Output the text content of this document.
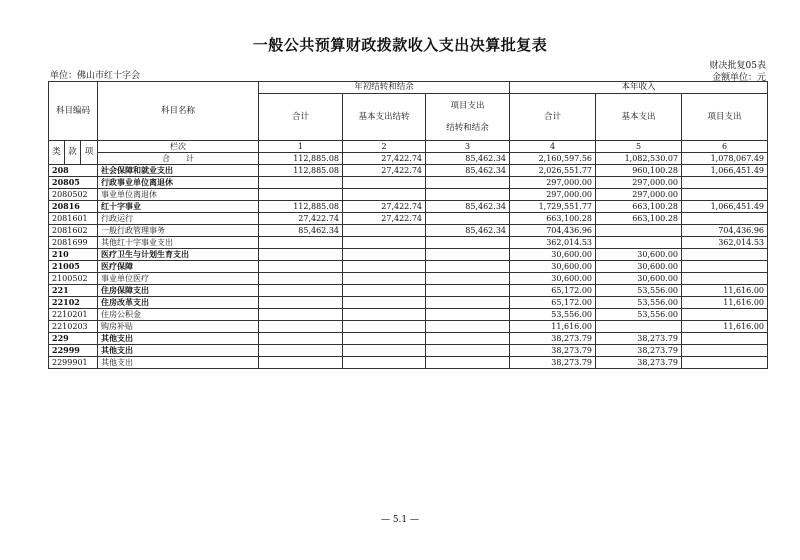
一般公共预算财政拨款收入支出决算批复表
财决批复05表
金额单位：元
单位：佛山市红十字会
科目编码			科目名称	年初结转和结余			本年收入		
				合计	基本支出结转	项目支出
结转和结余	合计	基本支出	项目支出

类	款	项	栏次	1	2	3	4	5	6
			合　　计	112,885.08	27,422.74	85,462.34	2,160,597.56	1,082,530.07	1,078,067.49
208			社会保障和就业支出	112,885.08	27,422.74	85,462.34	2,026,551.77	960,100.28	1,066,451.49
20805			行政事业单位离退休				297,000.00	297,000.00	
2080502			事业单位离退休				297,000.00	297,000.00	
20816			红十字事业	112,885.08	27,422.74	85,462.34	1,729,551.77	663,100.28	1,066,451.49
2081601			行政运行	27,422.74	27,422.74		663,100.28	663,100.28	
2081602			一般行政管理事务	85,462.34		85,462.34	704,436.96		704,436.96
2081699			其他红十字事业支出				362,014.53		362,014.53
210			医疗卫生与计划生育支出				30,600.00	30,600.00	
21005			医疗保障				30,600.00	30,600.00	
2100502			事业单位医疗				30,600.00	30,600.00	
221			住房保障支出				65,172.00	53,556.00	11,616.00
22102			住房改革支出				65,172.00	53,556.00	11,616.00
2210201			住房公积金				53,556.00	53,556.00	
2210203			购房补贴				11,616.00		11,616.00
229			其他支出				38,273.79	38,273.79	
22999			其他支出				38,273.79	38,273.79	
2299901			其他支出				38,273.79	38,273.79	
— 5.1 —
